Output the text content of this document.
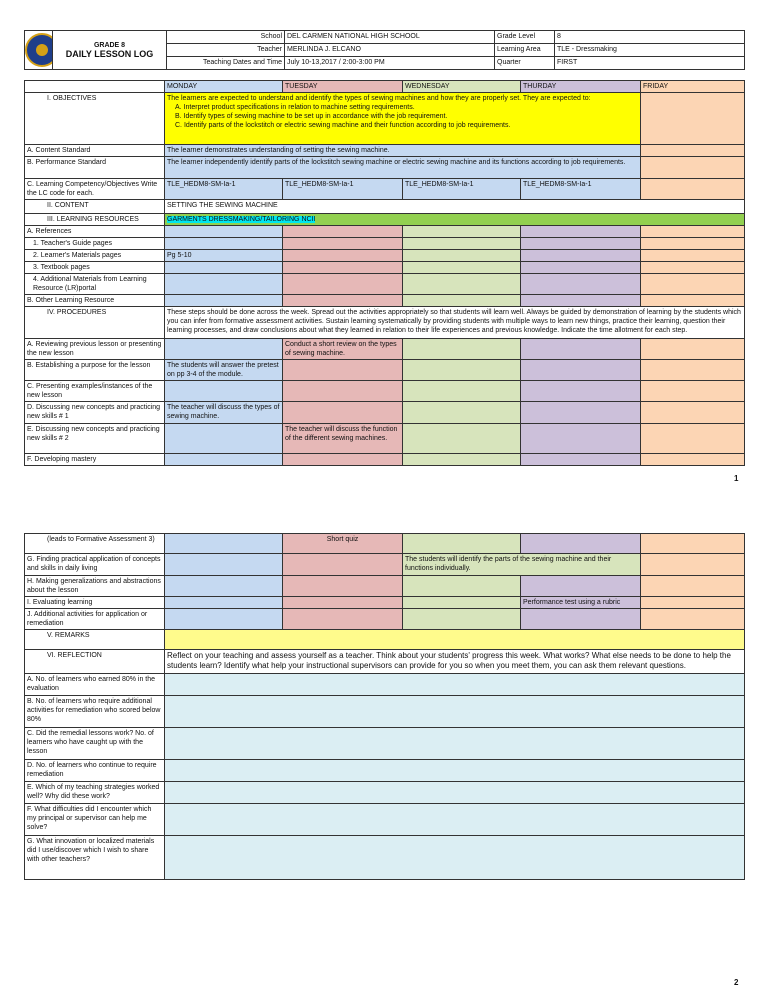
	GRADE 8
DAILY LESSON LOG	School	DEL CARMEN NATIONAL HIGH SCHOOL	Grade Level	8
		Teacher	MERLINDA J. ELCANO	Learning Area	TLE - Dressmaking
		Teaching Dates and Time	July 10-13,2017 / 2:00-3:00 PM	Quarter	FIRST
	MONDAY	TUESDAY	WEDNESDAY	THURDAY	FRIDAY
I. OBJECTIVES	The learners are expected to understand and identify the types of sewing machines and how they are properly set. They are expected to:
A. Interpret product specifications in relation to machine setting requirements.
B. Identify types of sewing machine to be set up in accordance with the job requirement.
C. Identify parts of the lockstitch or electric sewing machine and their function according to job requirements.				

A. Content Standard	The learner demonstrates understanding of setting the sewing machine.				
B. Performance Standard	The learner independently identify parts of the lockstitch sewing machine or electric sewing machine and its functions according to job requirements.				
C. Learning Competency/Objectives Write the LC code for each.	TLE_HEDM8-SM-Ia-1	TLE_HEDM8-SM-Ia-1	TLE_HEDM8-SM-Ia-1	TLE_HEDM8-SM-Ia-1	
II. CONTENT	SETTING THE SEWING MACHINE				
III. LEARNING RESOURCES	GARMENTS DRESSMAKING/TAILORING NCII				
A. References					
1. Teacher's Guide pages					
2. Learner's Materials pages	Pg 5-10				
3. Textbook pages					
4. Additional Materials from Learning Resource (LR)portal					
B. Other Learning Resource					
IV. PROCEDURES	These steps should be done across the week. Spread out the activities appropriately so that students will learn well. Always be guided by demonstration of learning by the students which you can infer from formative assessment activities. Sustain learning systematically by providing students with multiple ways to learn new things, practice their learning, question their learning processes, and draw conclusions about what they learned in relation to their life experiences and previous knowledge. Indicate the time allotment for each step.				
A. Reviewing previous lesson or presenting the new lesson		Conduct a short review on the types of sewing machine.			
B. Establishing a purpose for the lesson	The students will answer the pretest on pp 3-4 of the module.				
C. Presenting examples/instances of the new lesson					
D. Discussing new concepts and practicing new skills # 1	The teacher will discuss the types of sewing machine.				
E. Discussing new concepts and practicing new skills # 2		The teacher will discuss the function of the different sewing machines.			
F. Developing mastery					
1
(leads to Formative Assessment 3)		Short quiz			
G. Finding practical application of concepts and skills in daily living			The students will identify the parts of the sewing machine and their functions individually.		
H. Making generalizations and abstractions about the lesson					
I. Evaluating learning				Performance test using a rubric	
J. Additional activities for application or remediation					
V. REMARKS					
VI. REFLECTION	Reflect on your teaching and assess yourself as a teacher. Think about your students' progress this week. What works? What else needs to be done to help the students learn? Identify what help your instructional supervisors can provide for you so when you meet them, you can ask them relevant questions.				
A. No. of learners who earned 80% in the evaluation					
B. No. of learners who require additional activities for remediation who scored below 80%					
C. Did the remedial lessons work? No. of learners who have caught up with the lesson					
D. No. of learners who continue to require remediation					
E. Which of my teaching strategies worked well? Why did these work?					
F. What difficulties did I encounter which my principal or supervisor can help me solve?					
G. What innovation or localized materials did I use/discover which I wish to share with other teachers?					
2
